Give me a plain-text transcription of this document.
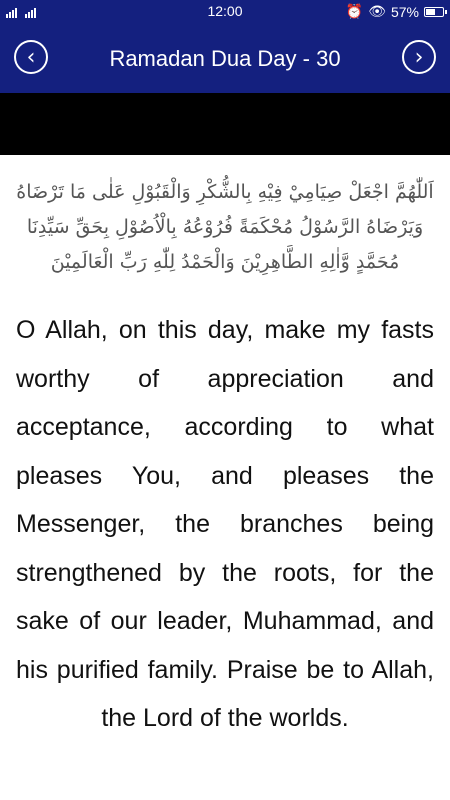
12:00	⏰ 👁 57%
‹	Ramadan Dua Day - 30	›
اَللّٰهُمَّ اجْعَلْ صِيَامِيْ فِيْهِ بِالشُّكْرِ وَالْقَبُوْلِ عَلٰى مَا تَرْضَاهُ
وَيَرْضَاهُ الرَّسُوْلُ مُحْكَمَةً فُرُوْعُهُ بِالْاُصُوْلِ بِحَقِّ سَيِّدِنَا
مُحَمَّدٍ وَّاٰلِهِ الطَّاهِرِيْنَ وَالْحَمْدُ لِلّٰهِ رَبِّ الْعَالَمِيْنَ
O Allah, on this day, make my fasts worthy of appreciation and acceptance, according to what pleases You, and pleases the Messenger, the branches being strengthened by the roots, for the sake of our leader, Muhammad, and his purified family. Praise be to Allah, the Lord of the worlds.
